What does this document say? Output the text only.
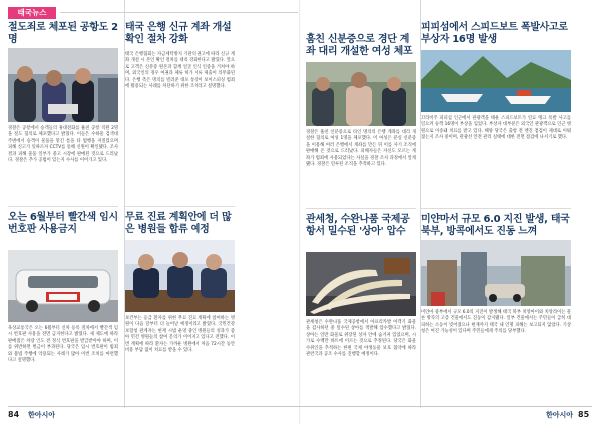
태국뉴스
절도죄로 체포된 공항도 2명
경찰은 공항에서 승객들의 휴대전화를 훔친 공항 직원 2명을 절도 혐의로 체포했다고 밝혔다. 이들은 수하물 검색대 주변에서 승객이 물품을 맡긴 틈을 타 범행을 저질렀으며 피해 신고가 잇따르자 CCTV를 통해 신원이 확인됐다. 조사 결과 피해 물품 일부가 중고 시장에 판매된 것으로 드러났다. 경찰은 추가 공범이 있는지 수사를 이어가고 있다.
오는 6월부터 빨간색 임시 번호판 사용금지
육상교통국은 오는 6월부터 신차 등록 절차에서 빨간색 임시 번호판 사용을 전면 금지한다고 밝혔다. 새 제도에 따라 판매점은 차량 인도 전 정식 번호판을 발급받아야 하며, 이를 위반하면 벌금이 부과된다. 당국은 임시 번호판이 범죄와 불법 주행에 악용되는 사례가 많아 이번 조치를 마련했다고 설명했다.
태국 은행 신규 계좌 개설 확인 절차 강화
태국 은행협회는 자금세탁방지 기관의 권고에 따라 신규 계좌 개설 시 본인 확인 절차를 대폭 강화한다고 밝혔다. 앞으로 고객은 신분증 원본과 함께 얼굴 인식 인증을 거쳐야 하며, 외국인의 경우 여권과 체류 허가 서류 제출이 의무화된다. 은행 측은 명의를 빌려준 대포 통장이 보이스피싱 범죄에 활용되는 사례를 차단하기 위한 조치라고 설명했다.
무료 진료 계획안에 더 많은 병원들 합류 예정
보건부는 응급 환자를 위한 무료 진료 계획에 참여하는 병원이 다음 달부터 더 늘어날 예정이라고 밝혔다. 국민건강보험청 관계자는 현재 시범 운영 중인 병원들의 성과가 좋아 민간 병원들의 참여 문의가 이어지고 있다고 전했다. 이번 계획에 따라 환자는 가까운 병원에서 처음 72시간 동안 비용 부담 없이 치료를 받을 수 있다.
훔친 신분증으로 경단 계좌 대리 개설한 여성 체포
경찰은 훔친 신분증으로 타인 명의의 은행 계좌를 대리 개설한 혐의로 여성 1명을 체포했다. 이 여성은 분실 신분증을 이용해 여러 은행에서 계좌를 만든 뒤 이를 사기 조직에 판매해 온 것으로 드러났다. 피해자들은 자신도 모르는 계좌가 범죄에 사용되었다는 사실을 경찰 조사 과정에서 알게 됐다. 경찰은 연루된 조직을 추적하고 있다.
관세청, 수완나품 국제공항서 밀수된 '상아' 압수
관세청은 수완나품 국제공항에서 아프리카발 여객기 화물을 검사하던 중 밀수된 상아를 적발해 압수했다고 밝혔다. 상아는 일반 화물로 위장된 상자 안에 숨겨져 있었으며, 시가로 수백만 바트에 이르는 것으로 추정된다. 당국은 화물 수취인을 추적하는 한편 국제 야생동물 보호 협약에 따라 관련국과 공조 수사를 진행할 예정이다.
피피섬에서 스피드보트 폭발사고로 부상자 16명 발생
끄라비주 피피섬 인근에서 관광객을 태운 스피드보트가 연료 탱크 폭발 사고를 일으켜 승객 16명이 부상을 입었다. 부상자 대부분은 외국인 관광객으로 인근 병원으로 이송돼 치료를 받고 있다. 해양 당국은 출항 전 엔진 점검이 제대로 이뤄졌는지 조사 중이며, 관광선 안전 관리 실태에 대한 전면 점검에 나서기로 했다.
미얀마서 규모 6.0 지진 발생, 태국 북부, 방콕에서도 진동 느껴
미얀마 중부에서 규모 6.0의 지진이 발생해 태국 북부 치앙마이와 치앙라이는 물론 방콕의 고층 건물에서도 진동이 감지됐다. 일부 건물에서는 주민들이 급히 대피하는 소동이 빚어졌으나 현재까지 태국 내 인명 피해는 보고되지 않았다. 기상청은 여진 가능성이 있다며 주민들에게 주의를 당부했다.
84 한아시아	한아시아 85
